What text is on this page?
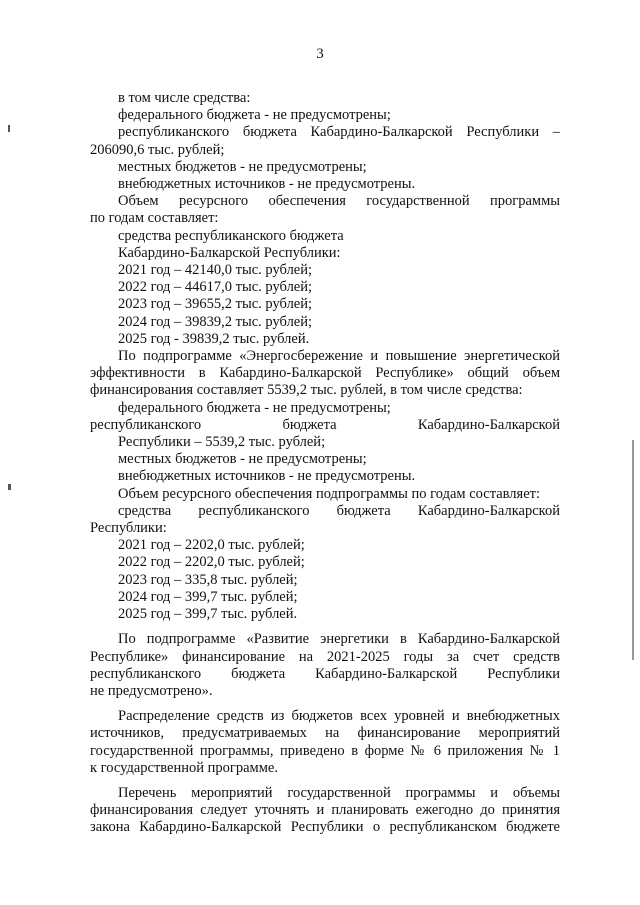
3
в том числе средства:
федерального бюджета - не предусмотрены;
республиканского бюджета Кабардино-Балкарской Республики –
206090,6 тыс. рублей;
местных бюджетов - не предусмотрены;
внебюджетных источников - не предусмотрены.
Объем ресурсного обеспечения государственной программы
по годам составляет:
средства республиканского бюджета
Кабардино-Балкарской Республики:
2021 год – 42140,0 тыс. рублей;
2022 год – 44617,0 тыс. рублей;
2023 год – 39655,2 тыс. рублей;
2024 год – 39839,2 тыс. рублей;
2025 год - 39839,2 тыс. рублей.
По подпрограмме «Энергосбережение и повышение энергетической
эффективности в Кабардино-Балкарской Республике» общий объем
финансирования составляет 5539,2 тыс. рублей, в том числе средства:
федерального бюджета - не предусмотрены;
республиканского бюджета Кабардино-Балкарской
Республики – 5539,2 тыс. рублей;
местных бюджетов - не предусмотрены;
внебюджетных источников - не предусмотрены.
Объем ресурсного обеспечения подпрограммы по годам составляет:
средства республиканского бюджета Кабардино-Балкарской
Республики:
2021 год – 2202,0 тыс. рублей;
2022 год – 2202,0 тыс. рублей;
2023 год – 335,8 тыс. рублей;
2024 год – 399,7 тыс. рублей;
2025 год – 399,7 тыс. рублей.
По подпрограмме «Развитие энергетики в Кабардино-Балкарской
Республике» финансирование на 2021-2025 годы за счет средств
республиканского бюджета Кабардино-Балкарской Республики
не предусмотрено».
Распределение средств из бюджетов всех уровней и внебюджетных
источников, предусматриваемых на финансирование мероприятий
государственной программы, приведено в форме № 6 приложения № 1
к государственной программе.
Перечень мероприятий государственной программы и объемы
финансирования следует уточнять и планировать ежегодно до принятия
закона Кабардино-Балкарской Республики о республиканском бюджете
